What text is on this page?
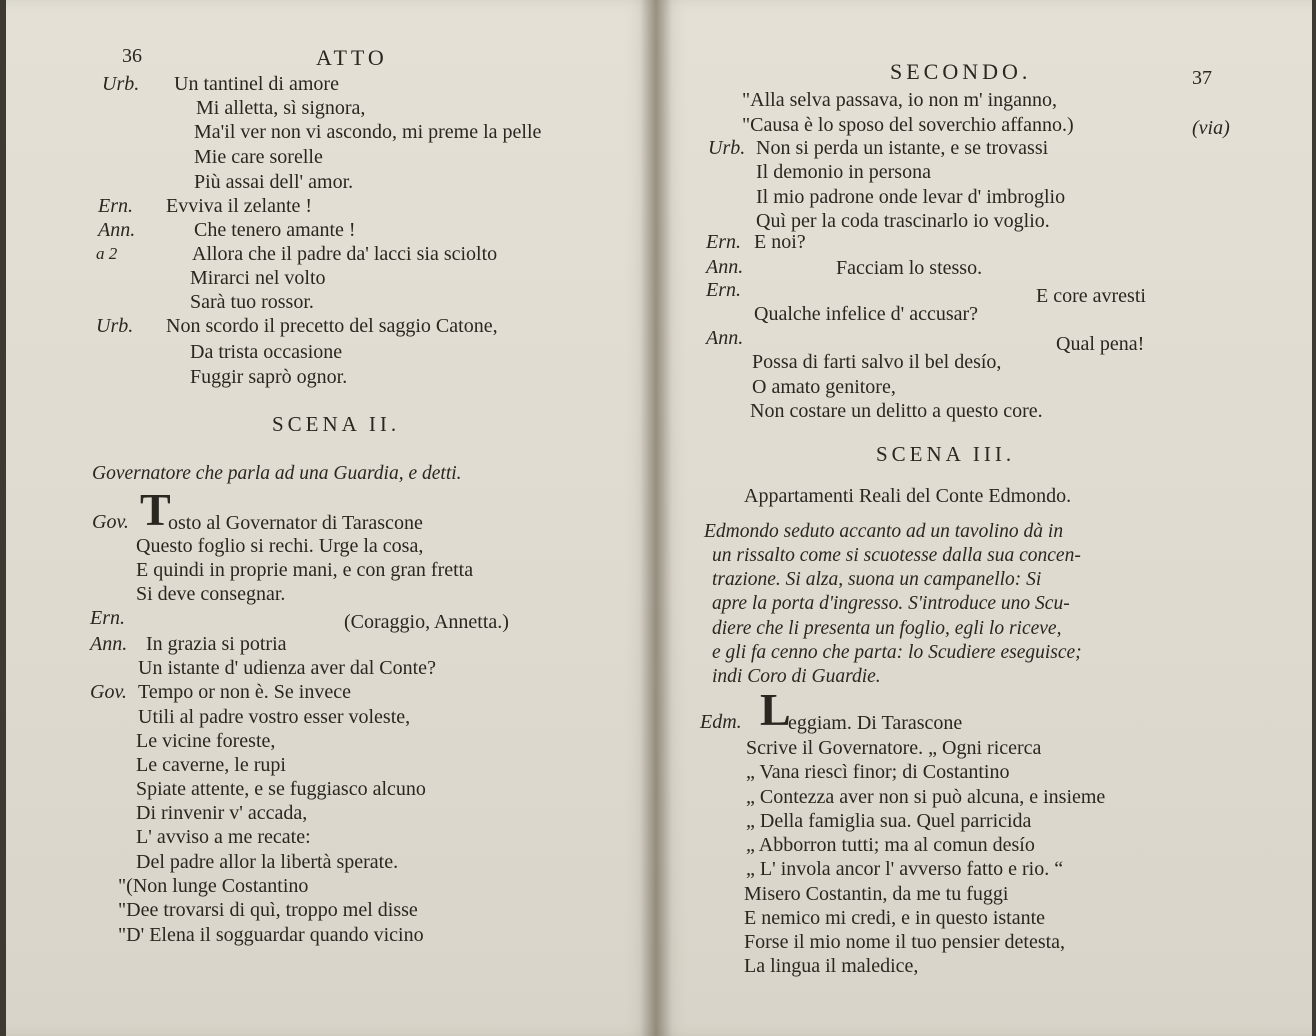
36	ATTO
Urb. Un tantinel di amore
Mi alletta, sì signora,
Ma'il ver non vi ascondo, mi preme la pelle
Mie care sorelle
Più assai dell' amor.
Ern. Evviva il zelante !
Ann.	Che tenero amante !
a 2	Allora che il padre da' lacci sia sciolto
Mirarci nel volto
Sarà tuo rossor.
Urb. Non scordo il precetto del saggio Catone,
Da trista occasione
Fuggir saprò ognor.
SCENA II.
Governatore che parla ad una Guardia, e detti.
Gov. T
osto al Governator di Tarascone
Questo foglio si rechi. Urge la cosa,
E quindi in proprie mani, e con gran fretta
Si deve consegnar.
Ern.	(Coraggio, Annetta.)
Ann. In grazia si potria
Un istante d' udienza aver dal Conte?
Gov. Tempo or non è. Se invece
Utili al padre vostro esser voleste,
Le vicine foreste,
Le caverne, le rupi
Spiate attente, e se fuggiasco alcuno
Di rinvenir v' accada,
L' avviso a me recate:
Del padre allor la libertà sperate.
"(Non lunge Costantino
"Dee trovarsi di quì, troppo mel disse
"D' Elena il sogguardar quando vicino
SECONDO.	37
"Alla selva passava, io non m' inganno,
"Causa è lo sposo del soverchio affanno.)	(via)
Urb. Non si perda un istante, e se trovassi
Il demonio in persona
Il mio padrone onde levar d' imbroglio
Quì per la coda trascinarlo io voglio.
Ern. E noi?
Ann.	Facciam lo stesso.
Ern.	E core avresti
Qualche infelice d' accusar?
Ann.	Qual pena!
Possa di farti salvo il bel desío,
O amato genitore,
Non costare un delitto a questo core.
SCENA III.
Appartamenti Reali del Conte Edmondo.
Edmondo seduto accanto ad un tavolino dà in
un rissalto come si scuotesse dalla sua concen-
trazione. Si alza, suona un campanello: Si
apre la porta d'ingresso. S'introduce uno Scu-
diere che li presenta un foglio, egli lo riceve,
e gli fa cenno che parta: lo Scudiere eseguisce;
indi Coro di Guardie.
Edm. L
eggiam. Di Tarascone
Scrive il Governatore. „ Ogni ricerca
„ Vana riescì finor; di Costantino
„ Contezza aver non si può alcuna, e insieme
„ Della famiglia sua. Quel parricida
„ Abborron tutti; ma al comun desío
„ L' invola ancor l' avverso fatto e rio. “
Misero Costantin, da me tu fuggi
E nemico mi credi, e in questo istante
Forse il mio nome il tuo pensier detesta,
La lingua il maledice,
